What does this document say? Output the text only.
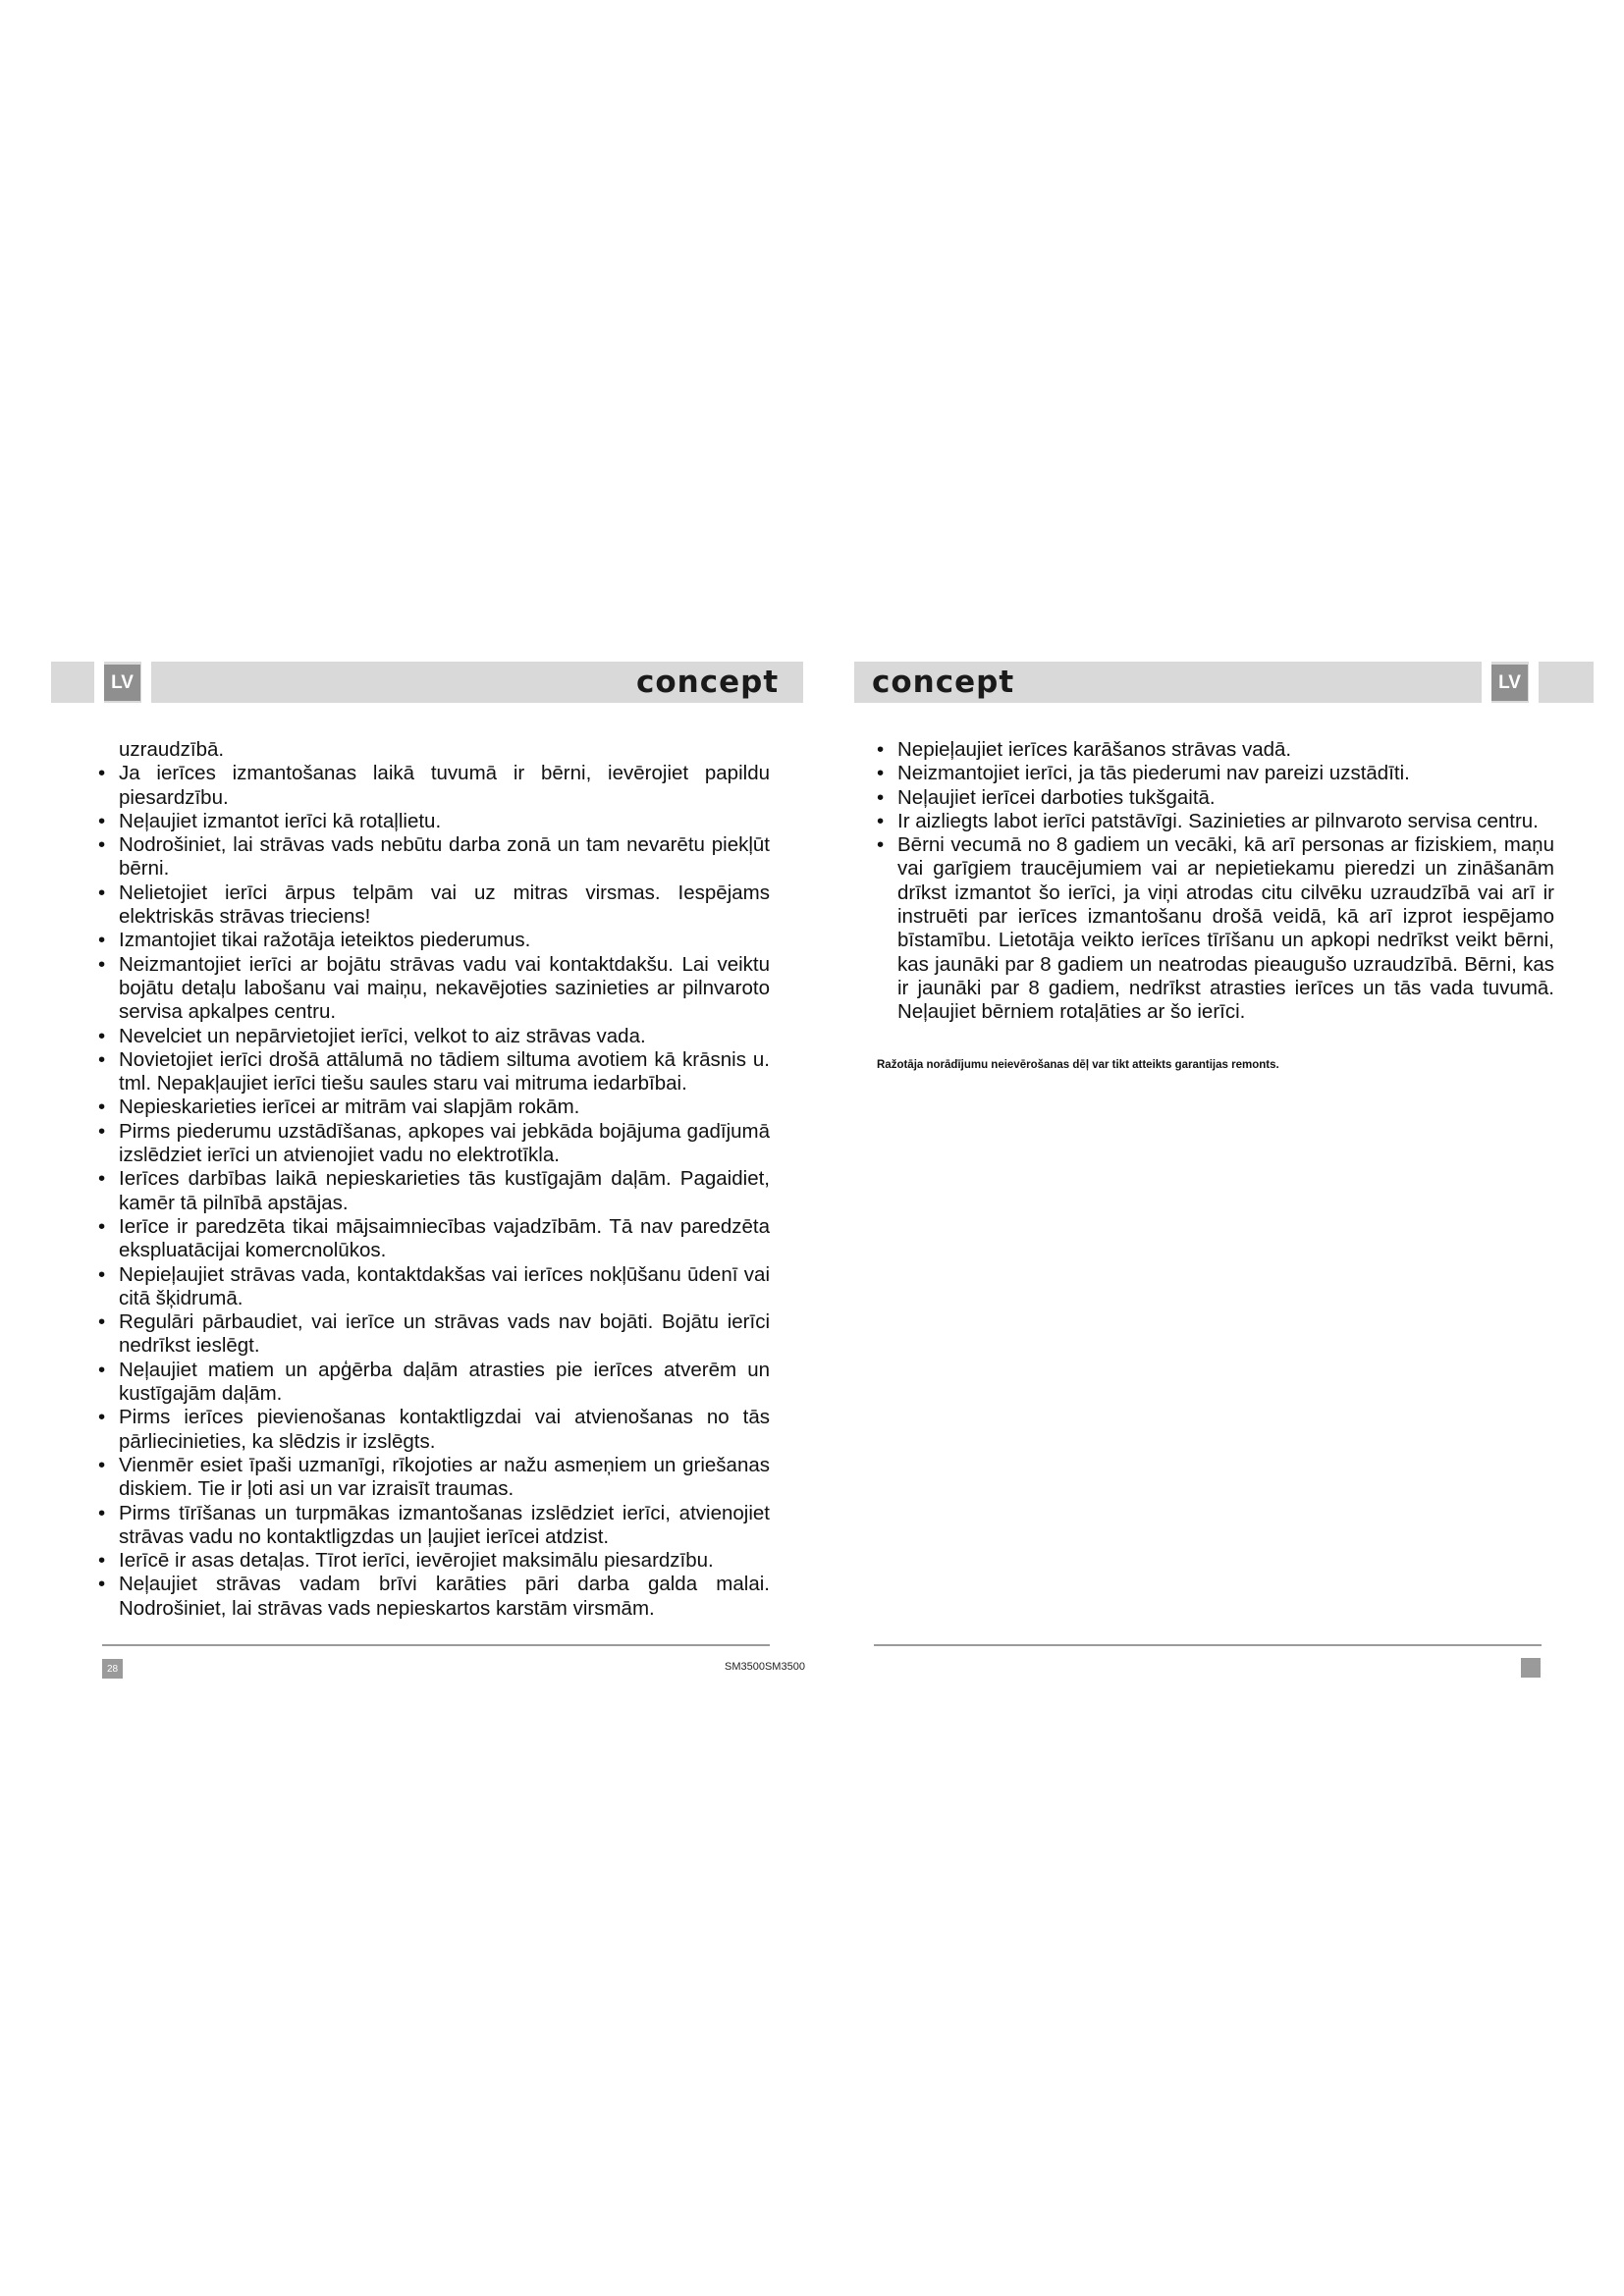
LV	LV
concept	concept

uzraudzībā.

• Ja ierīces izmantošanas laikā tuvumā ir bērni, ievērojiet papildu piesardzību.
• Neļaujiet izmantot ierīci kā rotaļlietu.
• Nodrošiniet, lai strāvas vads nebūtu darba zonā un tam nevarētu piekļūt bērni.
• Nelietojiet ierīci ārpus telpām vai uz mitras virsmas. Iespējams elektriskās strāvas trieciens!
• Izmantojiet tikai ražotāja ieteiktos piederumus.
• Neizmantojiet ierīci ar bojātu strāvas vadu vai kontaktdakšu. Lai veiktu bojātu detaļu labošanu vai maiņu, nekavējoties sazinieties ar pilnvaroto servisa apkalpes centru.
• Nevelciet un nepārvietojiet ierīci, velkot to aiz strāvas vada.
• Novietojiet ierīci drošā attālumā no tādiem siltuma avotiem kā krāsnis u. tml. Nepakļaujiet ierīci tiešu saules staru vai mitruma iedarbībai.
• Nepieskarieties ierīcei ar mitrām vai slapjām rokām.
• Pirms piederumu uzstādīšanas, apkopes vai jebkāda bojājuma gadījumā izslēdziet ierīci un atvienojiet vadu no elektrotīkla.
• Ierīces darbības laikā nepieskarieties tās kustīgajām daļām. Pagaidiet, kamēr tā pilnībā apstājas.
• Ierīce ir paredzēta tikai mājsaimniecības vajadzībām. Tā nav paredzēta ekspluatācijai komercnolūkos.
• Nepieļaujiet strāvas vada, kontaktdakšas vai ierīces nokļūšanu ūdenī vai citā šķidrumā.
• Regulāri pārbaudiet, vai ierīce un strāvas vads nav bojāti. Bojātu ierīci nedrīkst ieslēgt.
• Neļaujiet matiem un apģērba daļām atrasties pie ierīces atverēm un kustīgajām daļām.
• Pirms ierīces pievienošanas kontaktligzdai vai atvienošanas no tās pārliecinieties, ka slēdzis ir izslēgts.
• Vienmēr esiet īpaši uzmanīgi, rīkojoties ar nažu asmeņiem un griešanas diskiem. Tie ir ļoti asi un var izraisīt traumas.
• Pirms tīrīšanas un turpmākas izmantošanas izslēdziet ierīci, atvienojiet strāvas vadu no kontaktligzdas un ļaujiet ierīcei atdzist.
• Ierīcē ir asas detaļas. Tīrot ierīci, ievērojiet maksimālu piesardzību.
• Neļaujiet strāvas vadam brīvi karāties pāri darba galda malai. Nodrošiniet, lai strāvas vads nepieskartos karstām virsmām.
• Nepieļaujiet ierīces karāšanos strāvas vadā.
• Neizmantojiet ierīci, ja tās piederumi nav pareizi uzstādīti.
• Neļaujiet ierīcei darboties tukšgaitā.
• Ir aizliegts labot ierīci patstāvīgi. Sazinieties ar pilnvaroto servisa centru.
• Bērni vecumā no 8 gadiem un vecāki, kā arī personas ar fiziskiem, maņu vai garīgiem traucējumiem vai ar nepietiekamu pieredzi un zināšanām drīkst izmantot šo ierīci, ja viņi atrodas citu cilvēku uzraudzībā vai arī ir instruēti par ierīces izmantošanu drošā veidā, kā arī izprot iespējamo bīstamību. Lietotāja veikto ierīces tīrīšanu un apkopi nedrīkst veikt bērni, kas jaunāki par 8 gadiem un neatrodas pieaugušo uzraudzībā. Bērni, kas ir jaunāki par 8 gadiem, nedrīkst atrasties ierīces un tās vada tuvumā. Neļaujiet bērniem rotaļāties ar šo ierīci.
Ražotāja norādījumu neievērošanas dēļ var tikt atteikts garantijas remonts.
28	SM3500SM3500
